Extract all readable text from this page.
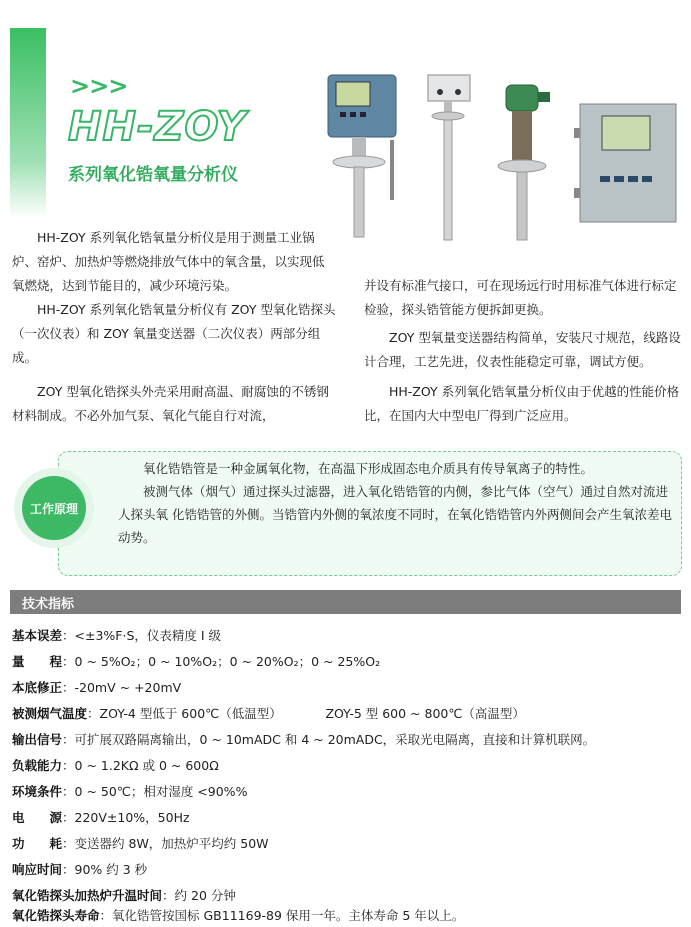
>>>
HH-ZOY
系列氧化锆氧量分析仪

HH-ZOY 系列氧化锆氧量分析仪是用于测量工业锅炉、窑炉、加热炉等燃烧排放气体中的氧含量，以实现低氧燃烧，达到节能目的，减少环境污染。

HH-ZOY 系列氧化锆氧量分析仪有 ZOY 型氧化锆探头（一次仪表）和 ZOY 氧量变送器（二次仪表）两部分组成。

ZOY 型氧化锆探头外壳采用耐高温、耐腐蚀的不锈钢材料制成。不必外加气泵、氧化气能自行对流，

并设有标准气接口，可在现场远行时用标准气体进行标定检验，探头锆管能方便拆卸更换。

ZOY 型氧量变送器结构简单，安装尺寸规范，线路设计合理，工艺先进，仪表性能稳定可靠，调试方便。

HH-ZOY 系列氧化锆氧量分析仪由于优越的性能价格比，在国内大中型电厂得到广泛应用。

工作原理
氧化锆锆管是一种金属氧化物，在高温下形成固态电介质具有传导氧离子的特性。
被测气体（烟气）通过探头过滤器，进入氧化锆锆管的内侧，参比气体（空气）通过自然对流进人探头氧 化锆锆管的外侧。当锆管内外侧的氧浓度不同时，在氧化锆锆管内外两侧间会产生氧浓差电动势。
技术指标
基本误差：<±3%F·S，仪表精度 I 级
量　　程：0 ~ 5%O₂；0 ~ 10%O₂；0 ~ 20%O₂；0 ~ 25%O₂
本底修正：-20mV ~ +20mV
被测烟气温度：ZOY-4 型低于 600℃（低温型）　　　　ZOY-5 型 600 ~ 800℃（高温型）
输出信号：可扩展双路隔离输出，0 ~ 10mADC 和 4 ~ 20mADC，采取光电隔离，直接和计算机联网。
负载能力：0 ~ 1.2KΩ 或 0 ~ 600Ω
环境条件：0 ~ 50℃；相对湿度 <90%%
电　　源：220V±10%，50Hz
功　　耗：变送器约 8W，加热炉平均约 50W
响应时间：90% 约 3 秒
氧化锆探头加热炉升温时间：约 20 分钟
氧化锆探头寿命：氧化锆管按国标 GB11169-89 保用一年。主体寿命 5 年以上。
